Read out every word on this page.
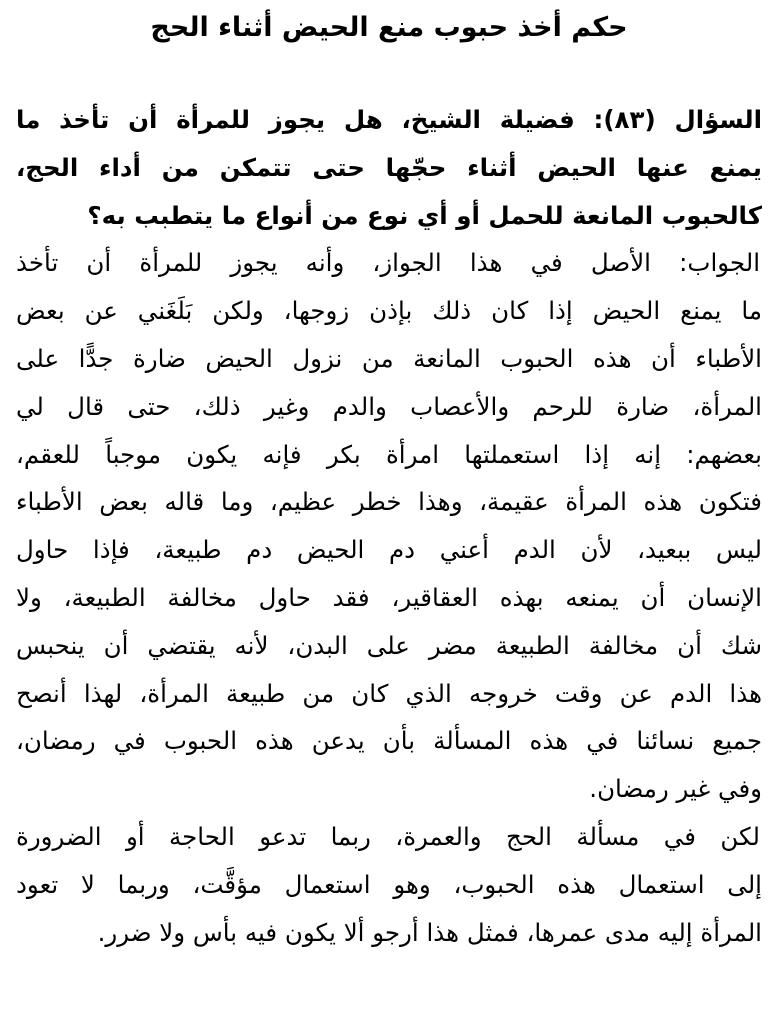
حكم أخذ حبوب منع الحيض أثناء الحج
السؤال (٨٣): فضيلة الشيخ، هل يجوز للمرأة أن تأخذ ما
يمنع عنها الحيض أثناء حجّها حتى تتمكن من أداء الحج،
كالحبوب المانعة للحمل أو أي نوع من أنواع ما يتطبب به؟
الجواب: الأصل في هذا الجواز، وأنه يجوز للمرأة أن تأخذ
ما يمنع الحيض إذا كان ذلك بإذن زوجها، ولكن بَلَغَني عن بعض
الأطباء أن هذه الحبوب المانعة من نزول الحيض ضارة جدًّا على
المرأة، ضارة للرحم والأعصاب والدم وغير ذلك، حتى قال لي
بعضهم: إنه إذا استعملتها امرأة بكر فإنه يكون موجباً للعقم،
فتكون هذه المرأة عقيمة، وهذا خطر عظيم، وما قاله بعض الأطباء
ليس ببعيد، لأن الدم أعني دم الحيض دم طبيعة، فإذا حاول
الإنسان أن يمنعه بهذه العقاقير، فقد حاول مخالفة الطبيعة، ولا
شك أن مخالفة الطبيعة مضر على البدن، لأنه يقتضي أن ينحبس
هذا الدم عن وقت خروجه الذي كان من طبيعة المرأة، لهذا أنصح
جميع نسائنا في هذه المسألة بأن يدعن هذه الحبوب في رمضان،
وفي غير رمضان.
لكن في مسألة الحج والعمرة، ربما تدعو الحاجة أو الضرورة
إلى استعمال هذه الحبوب، وهو استعمال مؤقَّت، وربما لا تعود
المرأة إليه مدى عمرها، فمثل هذا أرجو ألا يكون فيه بأس ولا ضرر.
